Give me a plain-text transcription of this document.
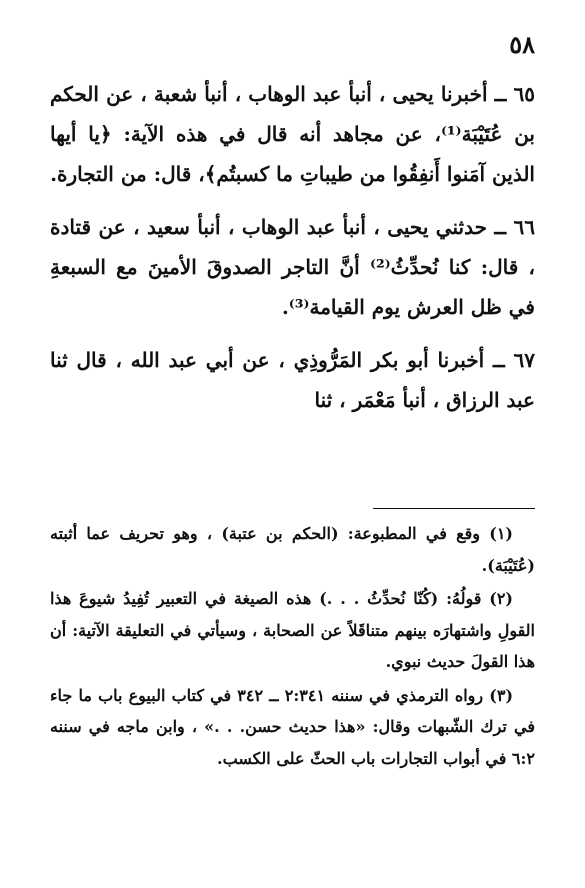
٥٨

٦٥ ــ أخبرنا يحيى ، أنبأ عبد الوهاب ، أنبأ شعبة ، عن الحكم بن عُتَيْبَة⁽¹⁾، عن مجاهد أنه قال في هذه الآية: ﴿يا أيها الذين آمَنوا أَنفِقُوا من طيباتِ ما كسبتُم﴾، قال: من التجارة.

٦٦ ــ حدثني يحيى ، أنبأ عبد الوهاب ، أنبأ سعيد ، عن قتادة ، قال: كنا نُحدِّثُ⁽²⁾ أنَّ التاجر الصدوقَ الأمينَ مع السبعةِ في ظل العرش يوم القيامة⁽³⁾.

٦٧ ــ أخبرنا أبو بكر المَرُّوذِي ، عن أبي عبد الله ، قال ثنا عبد الرزاق ، أنبأ مَعْمَر ، ثنا

(١) وقع في المطبوعة: (الحكم بن عتبة) ، وهو تحريف عما أثبته (عُتَيْبَة).

(٢) قولُهُ: (كُنّا نُحدِّثُ . . .) هذه الصيغة في التعبير تُفِيدُ شيوعَ هذا القولِ واشتهارَه بينهم متناقَلاً عن الصحابة ، وسيأتي في التعليقة الآتية: أن هذا القولَ حديث نبوي.

(٣) رواه الترمذي في سننه ٢:٣٤١ ــ ٣٤٢ في كتاب البيوع باب ما جاء في ترك الشّبهات وقال: «هذا حديث حسن. . .» ، وابن ماجه في سننه ٦:٢ في أبواب التجارات باب الحثّ على الكسب.
